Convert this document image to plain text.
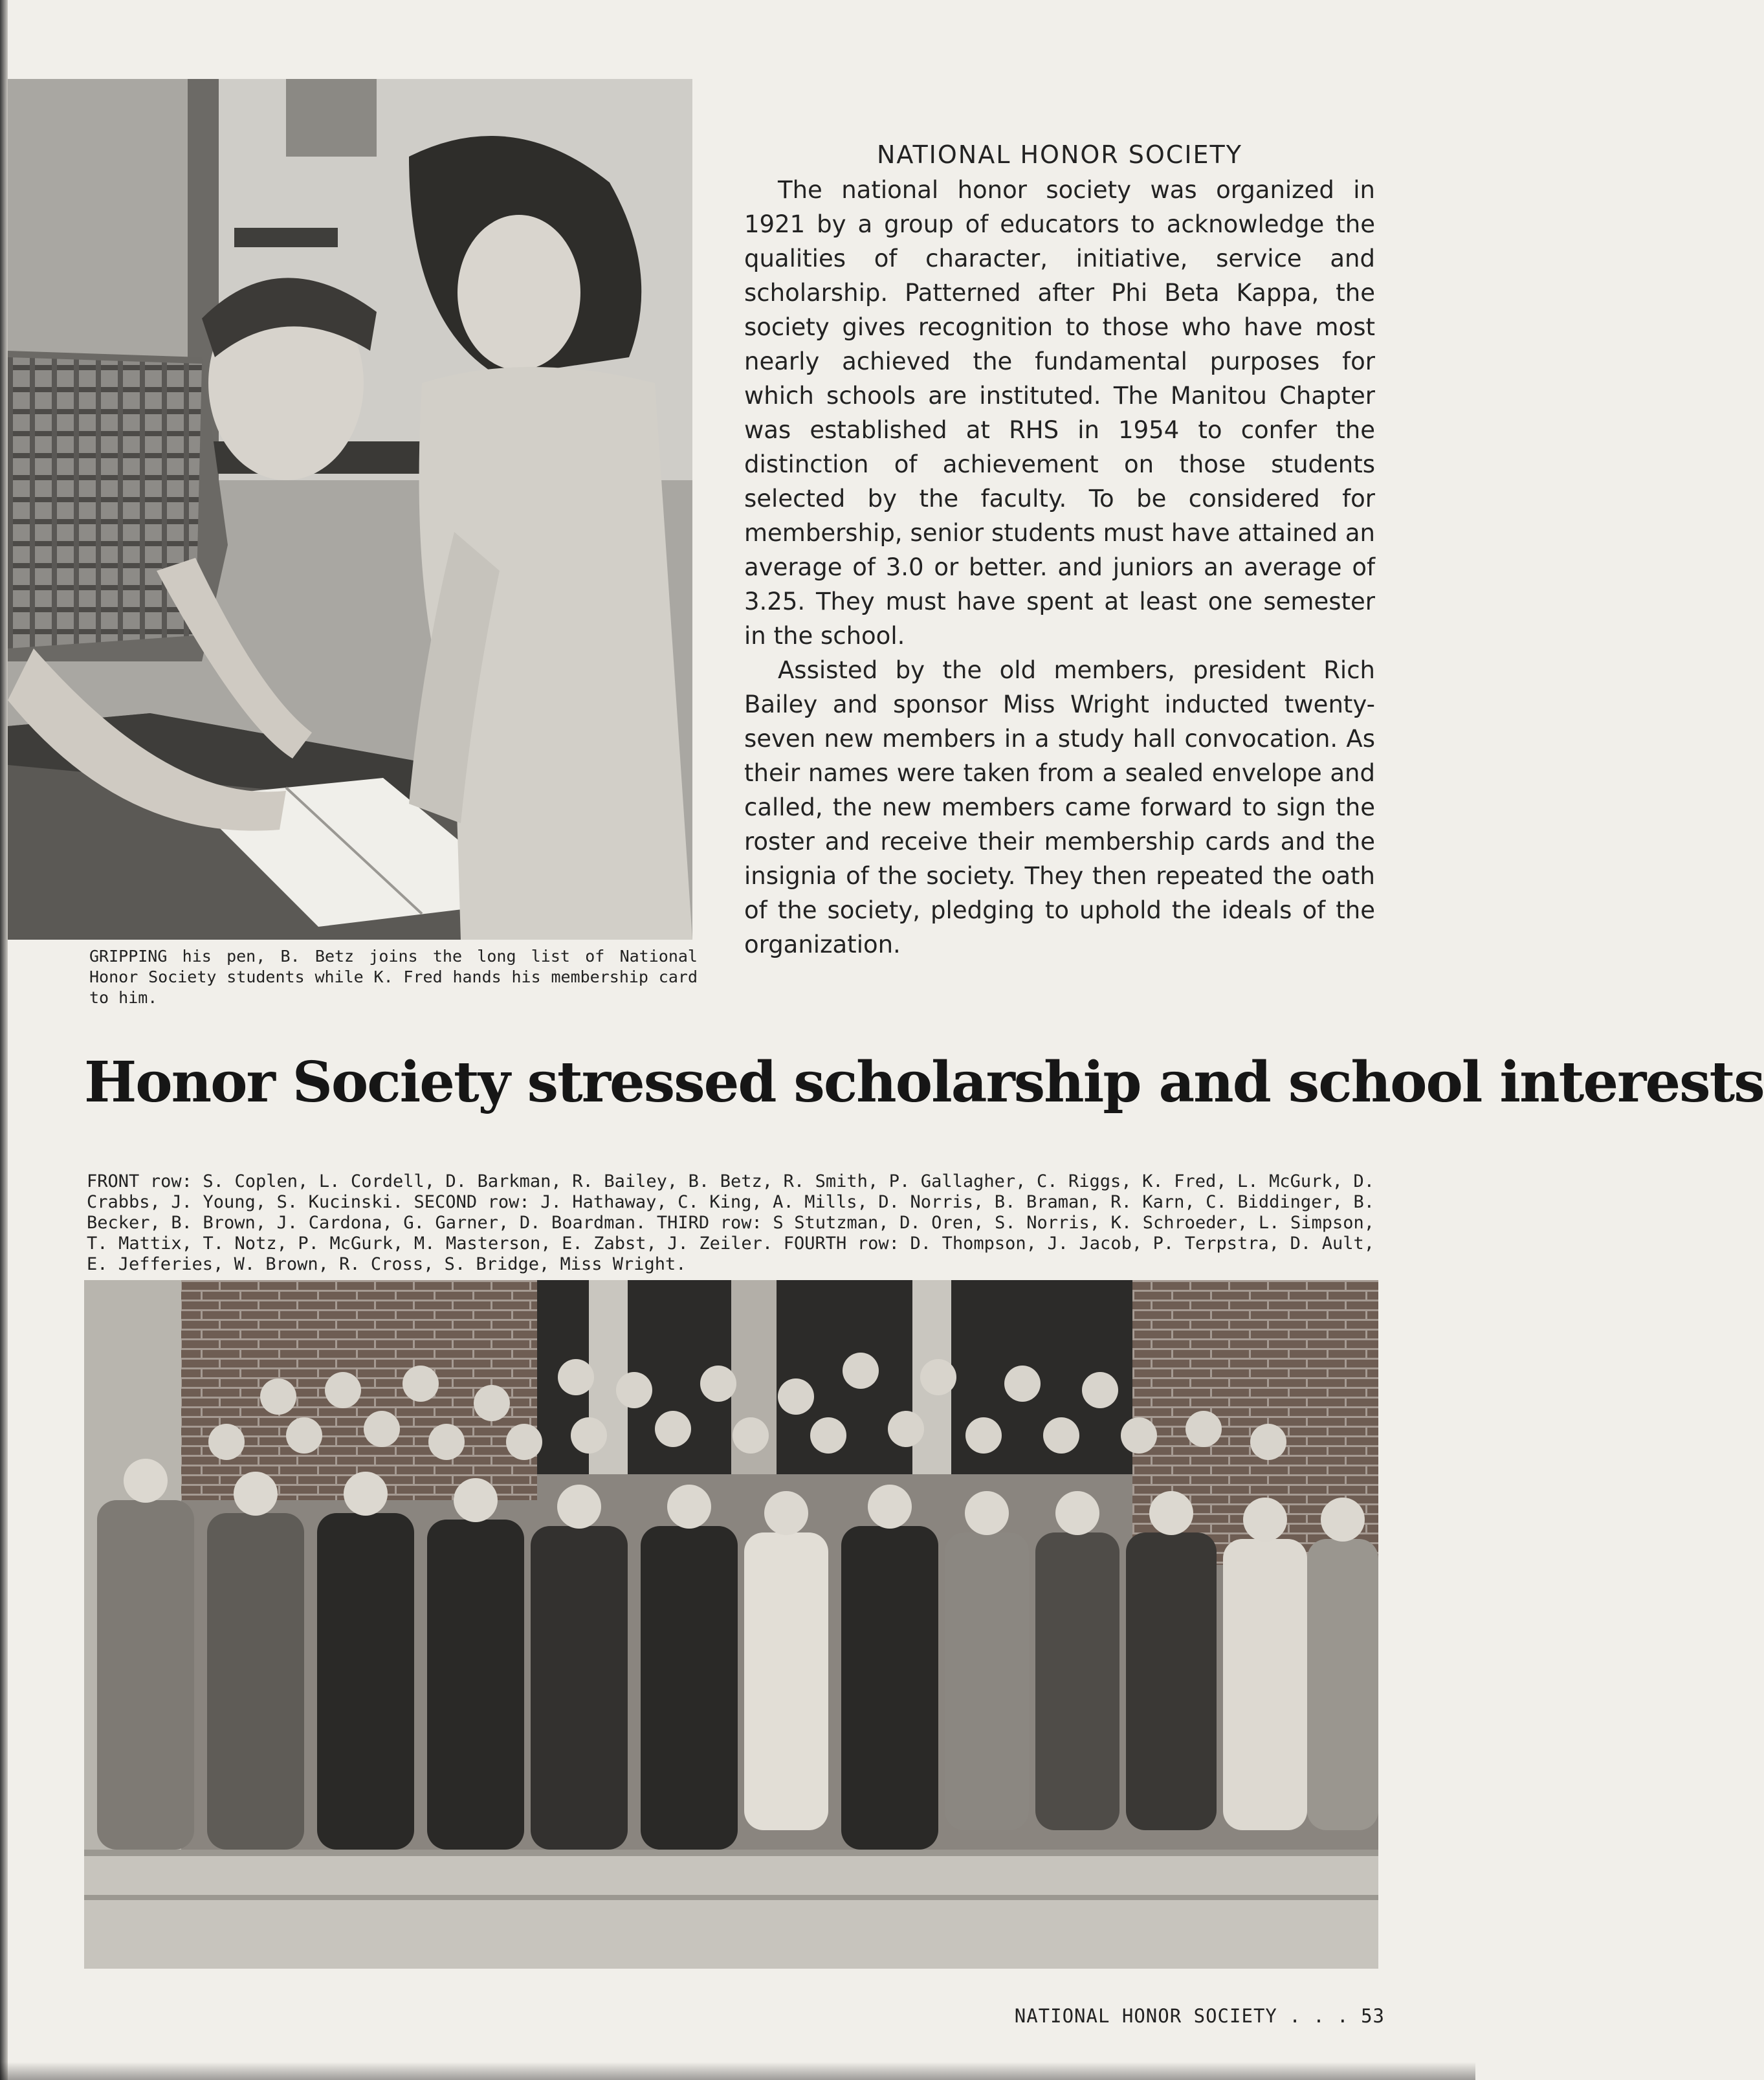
GRIPPING his pen, B. Betz joins the long list of National Honor Society students while K. Fred hands his membership card to him.
NATIONAL HONOR SOCIETY

The national honor society was organized in 1921 by a group of educators to acknowledge the qualities of character, initiative, service and scholarship. Patterned after Phi Beta Kappa, the society gives recognition to those who have most nearly achieved the fundamental purposes for which schools are instituted. The Manitou Chapter was established at RHS in 1954 to confer the distinction of achievement on those students selected by the faculty. To be considered for membership, senior students must have attained an average of 3.0 or better. and juniors an average of 3.25. They must have spent at least one semester in the school.

Assisted by the old members, president Rich Bailey and sponsor Miss Wright inducted twenty-seven new members in a study hall convocation. As their names were taken from a sealed envelope and called, the new members came forward to sign the roster and receive their membership cards and the insignia of the society. They then repeated the oath of the society, pledging to uphold the ideals of the organization.

Honor Society stressed scholarship and school interests
FRONT row: S. Coplen, L. Cordell, D. Barkman, R. Bailey, B. Betz, R. Smith, P. Gallagher, C. Riggs, K. Fred, L. McGurk, D. Crabbs, J. Young, S. Kucinski. SECOND row: J. Hathaway, C. King, A. Mills, D. Norris, B. Braman, R. Karn, C. Biddinger, B. Becker, B. Brown, J. Cardona, G. Garner, D. Boardman. THIRD row: S Stutzman, D. Oren, S. Norris, K. Schroeder, L. Simpson, T. Mattix, T. Notz, P. McGurk, M. Masterson, E. Zabst, J. Zeiler. FOURTH row: D. Thompson, J. Jacob, P. Terpstra, D. Ault, E. Jefferies, W. Brown, R. Cross, S. Bridge, Miss Wright.
NATIONAL HONOR SOCIETY . . . 53
